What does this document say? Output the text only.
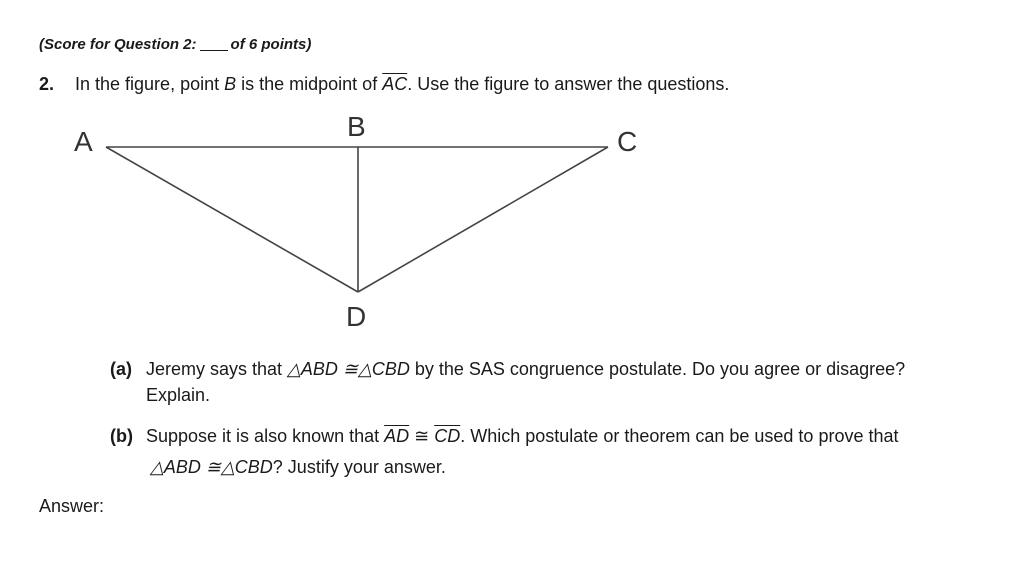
(Score for Question 2: of 6 points)
2. In the figure, point B is the midpoint of $\overline{AC}$. Use the figure to answer the questions.
A	B	C
D
(a) Jeremy says that △ABD ≅△CBD by the SAS congruence postulate. Do you agree or disagree?
Explain.
(b) Suppose it is also known that $\overline{AD}$ ≅ $\overline{CD}$. Which postulate or theorem can be used to prove that
△ABD ≅△CBD? Justify your answer.
Answer:
